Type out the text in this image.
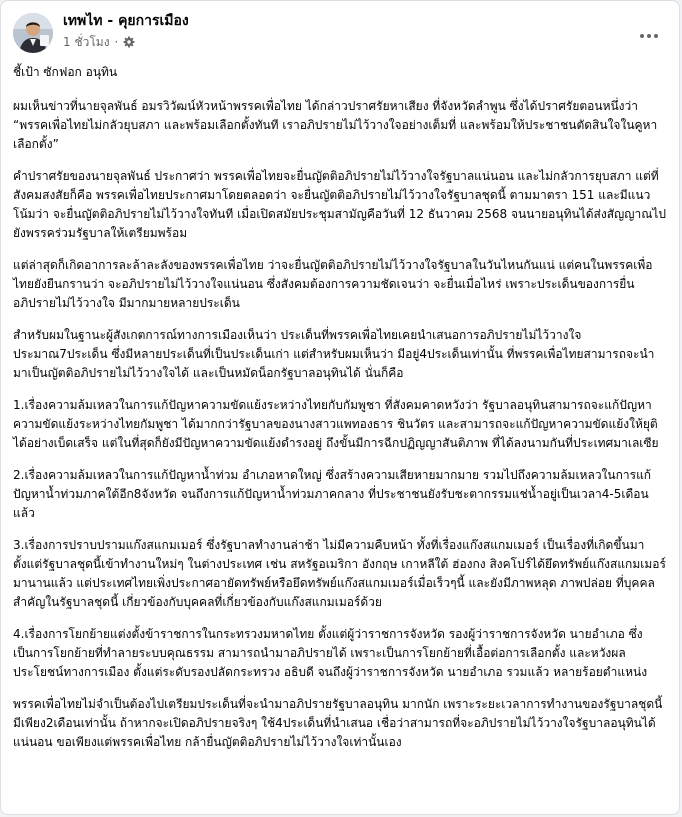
เทพไท - คุยการเมือง
1 ชั่วโมง ·

ชี้เป้า ซักฟอก อนุทิน

ผมเห็นข่าวที่นายจุลพันธ์ อมรวิวัฒน์หัวหน้าพรรคเพื่อไทย ได้กล่าวปราศรัยหาเสียง ที่จังหวัดลำพูน ซึ่งได้ปราศรัยตอนหนึ่งว่า “พรรคเพื่อไทยไม่กลัวยุบสภา และพร้อมเลือกตั้งทันที เราอภิปรายไม่ไว้วางใจอย่างเต็มที่ และพร้อมให้ประชาชนตัดสินใจในคูหาเลือกตั้ง”

คำปราศรัยของนายจุลพันธ์ ประกาศว่า พรรคเพื่อไทยจะยื่นญัตติอภิปรายไม่ไว้วางใจรัฐบาลแน่นอน และไม่กลัวการยุบสภา แต่ที่สังคมสงสัยก็คือ พรรคเพื่อไทยประกาศมาโดยตลอดว่า จะยื่นญัตติอภิปรายไม่ไว้วางใจรัฐบาลชุดนี้ ตามมาตรา 151 และมีแนวโน้มว่า จะยื่นญัตติอภิปรายไม่ไว้วางใจทันที เมื่อเปิดสมัยประชุมสามัญคือวันที่ 12 ธันวาคม 2568 จนนายอนุทินได้ส่งสัญญาณไปยังพรรคร่วมรัฐบาลให้เตรียมพร้อม

แต่ล่าสุดก็เกิดอาการละล้าละลังของพรรคเพื่อไทย ว่าจะยื่นญัตติอภิปรายไม่ไว้วางใจรัฐบาลในวันไหนกันแน่ แต่คนในพรรคเพื่อไทยยังยืนกรานว่า จะอภิปรายไม่ไว้วางใจแน่นอน ซึ่งสังคมต้องการความชัดเจนว่า จะยื่นเมื่อไหร่ เพราะประเด็นของการยื่นอภิปรายไม่ไว้วางใจ มีมากมายหลายประเด็น

สำหรับผมในฐานะผู้สังเกตการณ์ทางการเมืองเห็นว่า ประเด็นที่พรรคเพื่อไทยเคยนำเสนอการอภิปรายไม่ไว้วางใจประมาณ7ประเด็น ซึ่งมีหลายประเด็นที่เป็นประเด็นเก่า แต่สำหรับผมเห็นว่า มีอยู่4ประเด็นเท่านั้น ที่พรรคเพื่อไทยสามารถจะนำมาเป็นญัตติอภิปรายไม่ไว้วางใจได้ และเป็นหมัดน็อกรัฐบาลอนุทินได้ นั่นก็คือ

1.เรื่องความล้มเหลวในการแก้ปัญหาความขัดแย้งระหว่างไทยกับกัมพูชา ที่สังคมคาดหวังว่า รัฐบาลอนุทินสามารถจะแก้ปัญหาความขัดแย้งระหว่างไทยกัมพูชา ได้มากกว่ารัฐบาลของนางสาวแพทองธาร ชินวัตร และสามารถจะแก้ปัญหาความขัดแย้งให้ยุติได้อย่างเบ็ดเสร็จ แต่ในที่สุดก็ยังมีปัญหาความขัดแย้งดำรงอยู่ ถึงขั้นมีการฉีกปฏิญญาสันติภาพ ที่ได้ลงนามกันที่ประเทศมาเลเซีย

2.เรื่องความล้มเหลวในการแก้ปัญหาน้ำท่วม อำเภอหาดใหญ่ ซึ่งสร้างความเสียหายมากมาย รวมไปถึงความล้มเหลวในการแก้ปัญหาน้ำท่วมภาคใต้อีก8จังหวัด จนถึงการแก้ปัญหาน้ำท่วมภาคกลาง ที่ประชาชนยังรับชะตากรรมแช่น้ำอยู่เป็นเวลา4-5เดือนแล้ว

3.เรื่องการปราบปรามแก๊งสแกมเมอร์ ซึ่งรัฐบาลทำงานล่าช้า ไม่มีความคืบหน้า ทั้งที่เรื่องแก๊งสแกมเมอร์ เป็นเรื่องที่เกิดขึ้นมาตั้งแต่รัฐบาลชุดนี้เข้าทำงานใหม่ๆ ในต่างประเทศ เช่น สหรัฐอเมริกา อังกฤษ เกาหลีใต้ ฮ่องกง สิงคโปร์ได้ยึดทรัพย์แก๊งสแกมเมอร์มานานแล้ว แต่ประเทศไทยเพิ่งประกาศอายัดทรัพย์หรือยึดทรัพย์แก๊งสแกมเมอร์เมื่อเร็วๆนี้ และยังมีภาพหลุด ภาพปล่อย ที่บุคคลสำคัญในรัฐบาลชุดนี้ เกี่ยวข้องกับบุคคลที่เกี่ยวข้องกับแก๊งสแกมเมอร์ด้วย

4.เรื่องการโยกย้ายแต่งตั้งข้าราชการในกระทรวงมหาดไทย ตั้งแต่ผู้ว่าราชการจังหวัด รองผู้ว่าราชการจังหวัด นายอำเภอ ซึ่งเป็นการโยกย้ายที่ทำลายระบบคุณธรรม สามารถนำมาอภิปรายได้ เพราะเป็นการโยกย้ายที่เอื้อต่อการเลือกตั้ง และหวังผลประโยชน์ทางการเมือง ตั้งแต่ระดับรองปลัดกระทรวง อธิบดี จนถึงผู้ว่าราชการจังหวัด นายอำเภอ รวมแล้ว หลายร้อยตำแหน่ง

พรรคเพื่อไทยไม่จำเป็นต้องไปเตรียมประเด็นที่จะนำมาอภิปรายรัฐบาลอนุทิน มากนัก เพราะระยะเวลาการทำงานของรัฐบาลชุดนี้มีเพียง2เดือนเท่านั้น ถ้าหากจะเปิดอภิปรายจริงๆ ใช้4ประเด็นที่นำเสนอ เชื่อว่าสามารถที่จะอภิปรายไม่ไว้วางใจรัฐบาลอนุทินได้แน่นอน ขอเพียงแต่พรรคเพื่อไทย กล้ายื่นญัตติอภิปรายไม่ไว้วางใจเท่านั้นเอง
